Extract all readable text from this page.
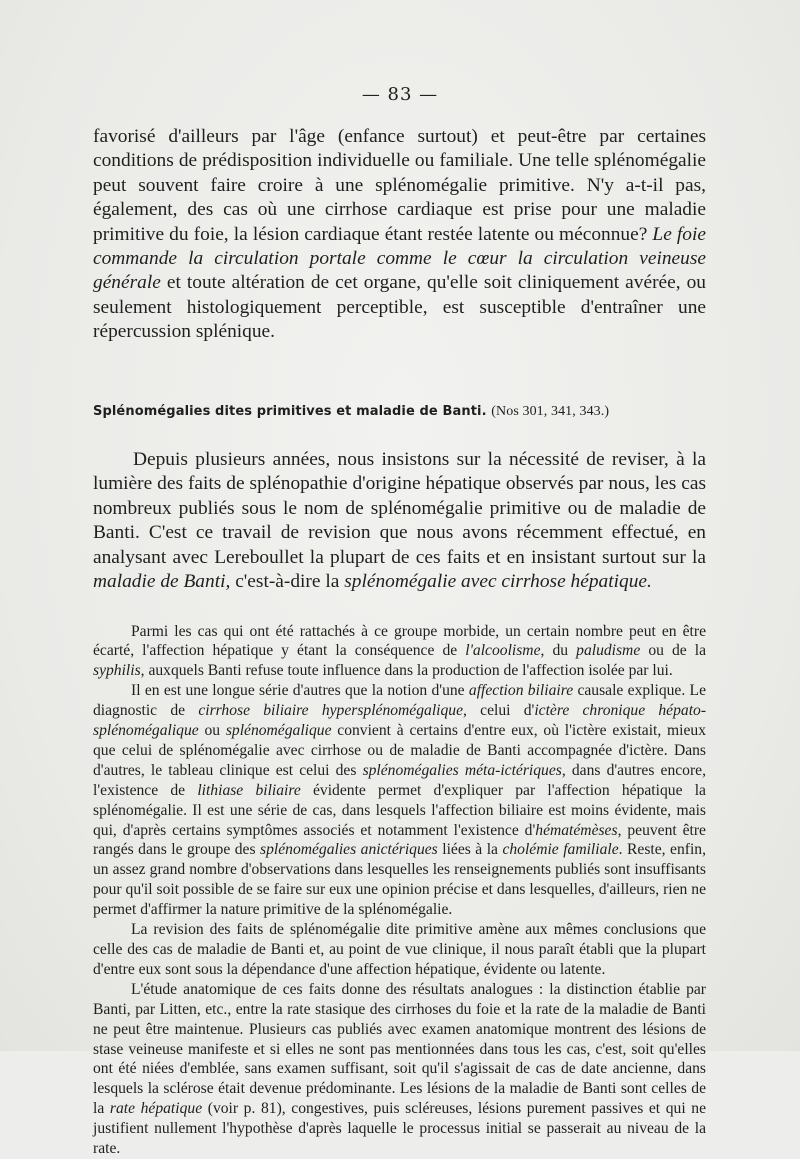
— 83 —

favorisé d'ailleurs par l'âge (enfance surtout) et peut-être par certaines conditions de prédisposition individuelle ou familiale. Une telle splénomégalie peut souvent faire croire à une splénomégalie primitive. N'y a-t-il pas, également, des cas où une cirrhose cardiaque est prise pour une maladie primitive du foie, la lésion cardiaque étant restée latente ou méconnue? Le foie commande la circulation portale comme le cœur la circulation veineuse générale et toute altération de cet organe, qu'elle soit cliniquement avérée, ou seulement histologiquement perceptible, est susceptible d'entraîner une répercussion splénique.

Splénomégalies dites primitives et maladie de Banti. (Nos 301, 341, 343.)

Depuis plusieurs années, nous insistons sur la nécessité de reviser, à la lumière des faits de splénopathie d'origine hépatique observés par nous, les cas nombreux publiés sous le nom de splénomégalie primitive ou de maladie de Banti. C'est ce travail de revision que nous avons récemment effectué, en analysant avec Lereboullet la plupart de ces faits et en insistant surtout sur la maladie de Banti, c'est-à-dire la splénomégalie avec cirrhose hépatique.

Parmi les cas qui ont été rattachés à ce groupe morbide, un certain nombre peut en être écarté, l'affection hépatique y étant la conséquence de l'alcoolisme, du paludisme ou de la syphilis, auxquels Banti refuse toute influence dans la production de l'affection isolée par lui.

Il en est une longue série d'autres que la notion d'une affection biliaire causale explique. Le diagnostic de cirrhose biliaire hypersplénomégalique, celui d'ictère chronique hépato-splénomégalique ou splénomégalique convient à certains d'entre eux, où l'ictère existait, mieux que celui de splénomégalie avec cirrhose ou de maladie de Banti accompagnée d'ictère. Dans d'autres, le tableau clinique est celui des splénomégalies méta-ictériques, dans d'autres encore, l'existence de lithiase biliaire évidente permet d'expliquer par l'affection hépatique la splénomégalie. Il est une série de cas, dans lesquels l'affection biliaire est moins évidente, mais qui, d'après certains symptômes associés et notamment l'existence d'hématémèses, peuvent être rangés dans le groupe des splénomégalies anictériques liées à la cholémie familiale. Reste, enfin, un assez grand nombre d'observations dans lesquelles les renseignements publiés sont insuffisants pour qu'il soit possible de se faire sur eux une opinion précise et dans lesquelles, d'ailleurs, rien ne permet d'affirmer la nature primitive de la splénomégalie.

La revision des faits de splénomégalie dite primitive amène aux mêmes conclusions que celle des cas de maladie de Banti et, au point de vue clinique, il nous paraît établi que la plupart d'entre eux sont sous la dépendance d'une affection hépatique, évidente ou latente.

L'étude anatomique de ces faits donne des résultats analogues : la distinction établie par Banti, par Litten, etc., entre la rate stasique des cirrhoses du foie et la rate de la maladie de Banti ne peut être maintenue. Plusieurs cas publiés avec examen anatomique montrent des lésions de stase veineuse manifeste et si elles ne sont pas mentionnées dans tous les cas, c'est, soit qu'elles ont été niées d'emblée, sans examen suffisant, soit qu'il s'agissait de cas de date ancienne, dans lesquels la sclérose était devenue prédominante. Les lésions de la maladie de Banti sont celles de la rate hépatique (voir p. 81), congestives, puis scléreuses, lésions purement passives et qui ne justifient nullement l'hypothèse d'après laquelle le processus initial se passerait au niveau de la rate.
